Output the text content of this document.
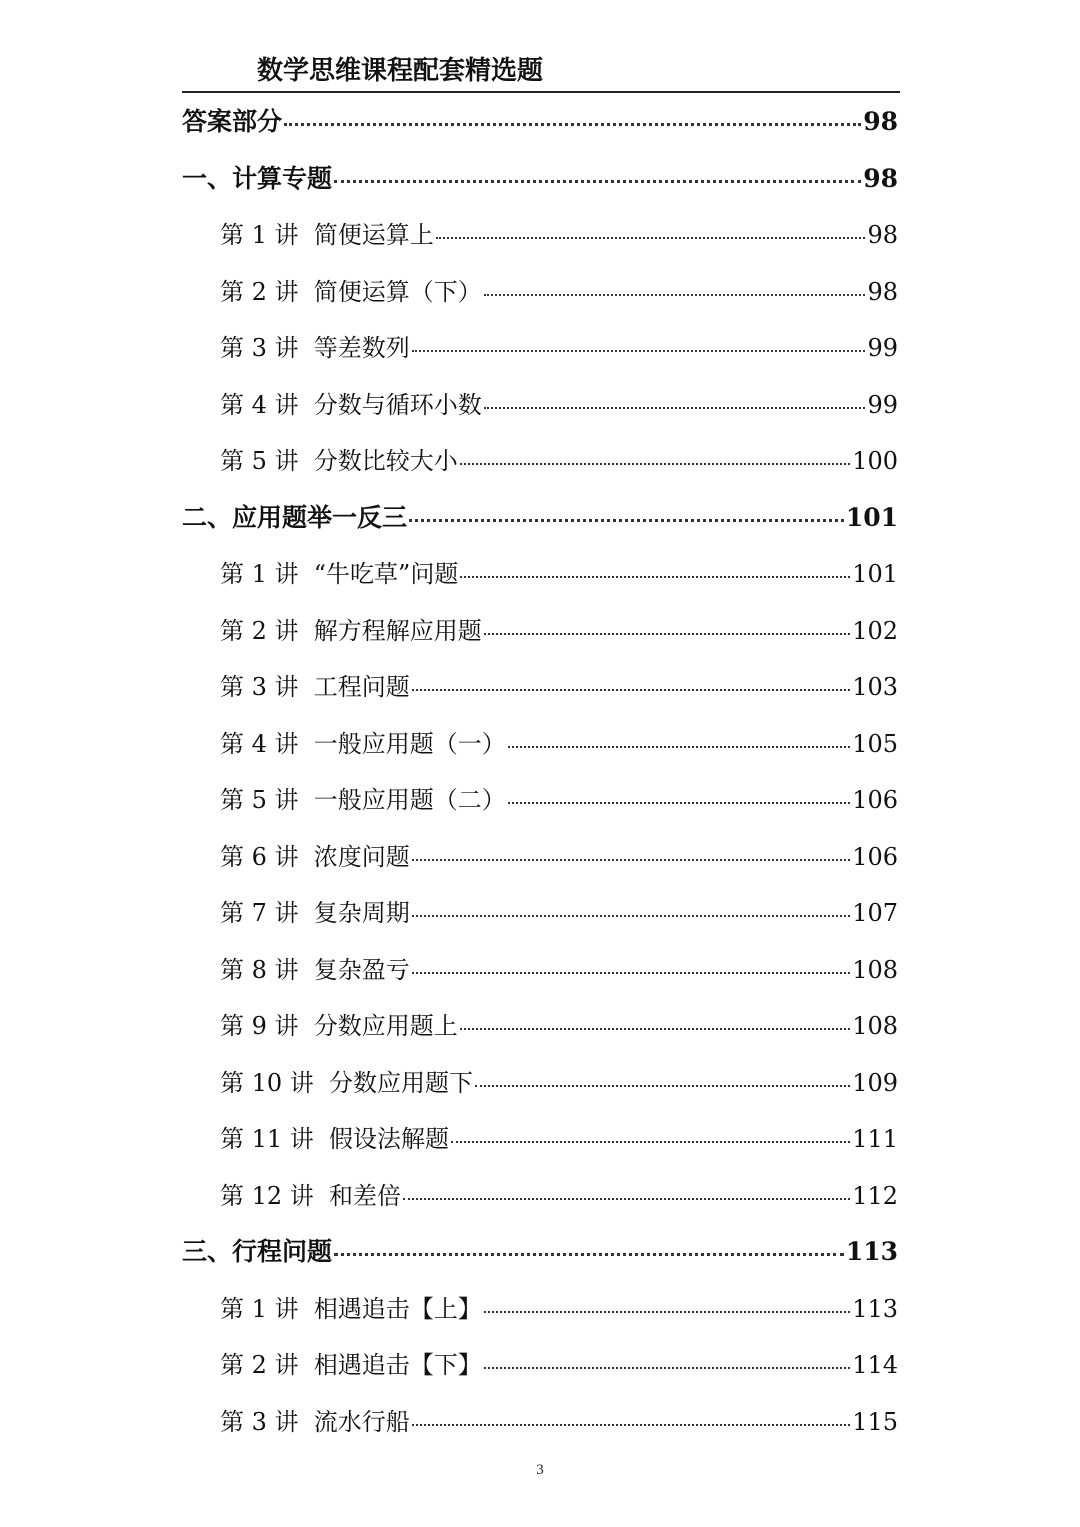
数学思维课程配套精选题
答案部分	98
一、计算专题	98
第 1 讲  简便运算上	98
第 2 讲  简便运算（下）	98
第 3 讲  等差数列	99
第 4 讲  分数与循环小数	99
第 5 讲  分数比较大小	100
二、应用题举一反三	101
第 1 讲  “牛吃草”问题	101
第 2 讲  解方程解应用题	102
第 3 讲  工程问题	103
第 4 讲  一般应用题（一）	105
第 5 讲  一般应用题（二）	106
第 6 讲  浓度问题	106
第 7 讲  复杂周期	107
第 8 讲  复杂盈亏	108
第 9 讲  分数应用题上	108
第 10 讲  分数应用题下	109
第 11 讲  假设法解题	111
第 12 讲  和差倍	112
三、行程问题	113
第 1 讲  相遇追击【上】	113
第 2 讲  相遇追击【下】	114
第 3 讲  流水行船	115
3
